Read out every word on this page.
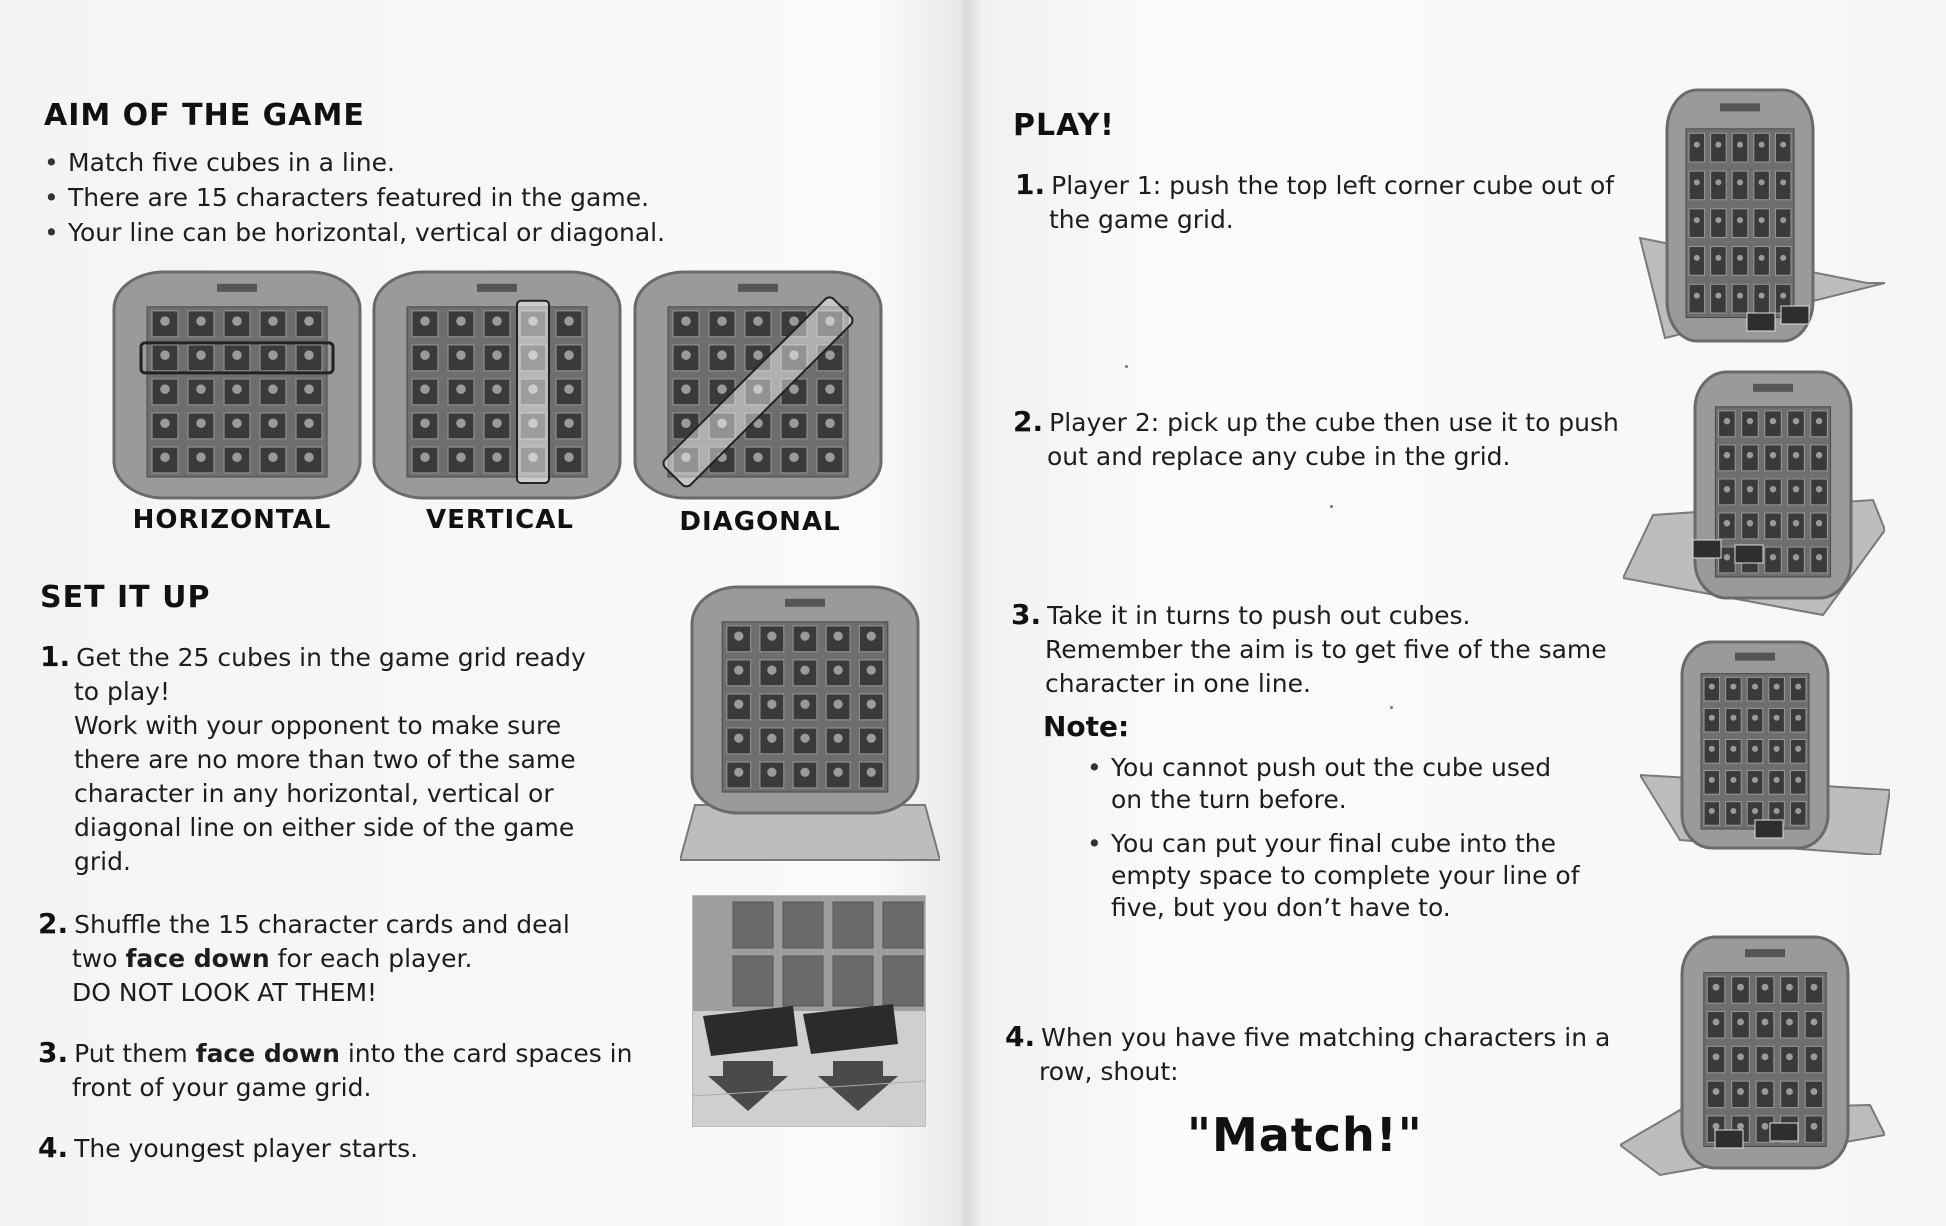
AIM OF THE GAME
• Match five cubes in a line.
• There are 15 characters featured in the game.
• Your line can be horizontal, vertical or diagonal.
HORIZONTAL	VERTICAL	DIAGONAL
SET IT UP
1. Get the 25 cubes in the game grid ready
to play!
Work with your opponent to make sure
there are no more than two of the same
character in any horizontal, vertical or
diagonal line on either side of the game
grid.
2. Shuffle the 15 character cards and deal
two face down for each player.
DO NOT LOOK AT THEM!
3. Put them face down into the card spaces in
front of your game grid.
4. The youngest player starts.
PLAY!
1. Player 1: push the top left corner cube out of
the game grid.
2. Player 2: pick up the cube then use it to push
out and replace any cube in the grid.
3. Take it in turns to push out cubes.
Remember the aim is to get five of the same
character in one line.
Note:
• You cannot push out the cube used
on the turn before.
• You can put your final cube into the
empty space to complete your line of
five, but you don’t have to.
4. When you have five matching characters in a
row, shout:
"Match!"
